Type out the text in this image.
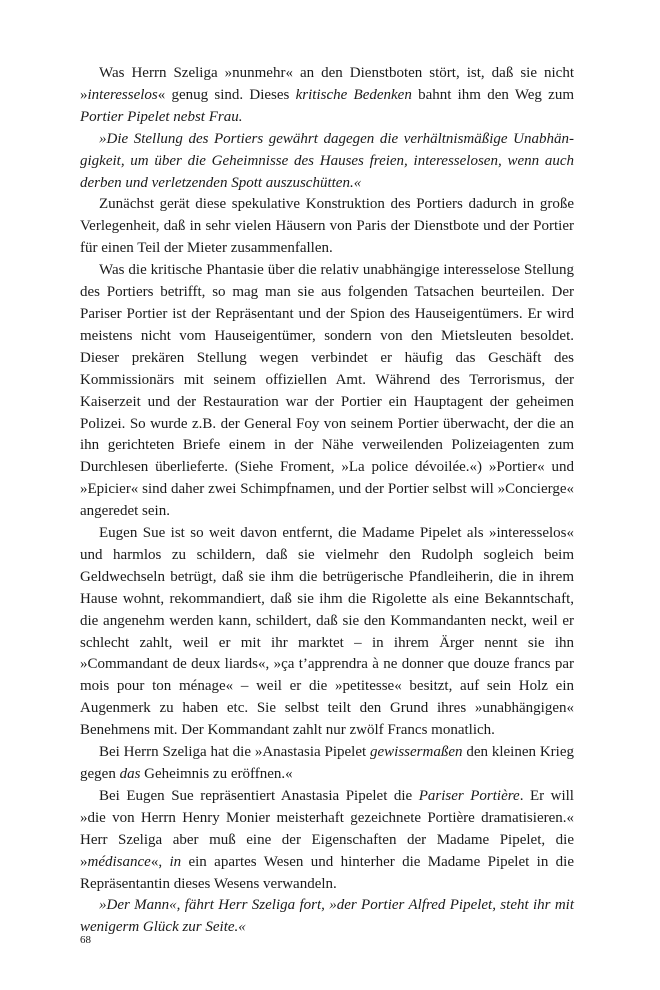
Was Herrn Szeliga »nunmehr« an den Dienstboten stört, ist, daß sie nicht »interesselos« genug sind. Dieses kritische Bedenken bahnt ihm den Weg zum Portier Pipelet nebst Frau.

»Die Stellung des Portiers gewährt dagegen die verhältnismäßige Unabhängigkeit, um über die Geheimnisse des Hauses freien, interesselosen, wenn auch derben und verletzenden Spott auszuschütten.«

Zunächst gerät diese spekulative Konstruktion des Portiers dadurch in große Verlegenheit, daß in sehr vielen Häusern von Paris der Dienstbote und der Portier für einen Teil der Mieter zusammenfallen.

Was die kritische Phantasie über die relativ unabhängige interesselose Stellung des Portiers betrifft, so mag man sie aus folgenden Tatsachen beurteilen. Der Pariser Portier ist der Repräsentant und der Spion des Hauseigentümers. Er wird meistens nicht vom Hauseigentümer, sondern von den Mietsleuten besoldet. Dieser prekären Stellung wegen verbindet er häufig das Geschäft des Kommissionärs mit seinem offiziellen Amt. Während des Terrorismus, der Kaiserzeit und der Restauration war der Portier ein Hauptagent der geheimen Polizei. So wurde z.B. der General Foy von seinem Portier überwacht, der die an ihn gerichteten Briefe einem in der Nähe verweilenden Polizeiagenten zum Durchlesen überlieferte. (Siehe Froment, »La police dévoilée.«) »Portier« und »Epicier« sind daher zwei Schimpfnamen, und der Portier selbst will »Concierge« angeredet sein.

Eugen Sue ist so weit davon entfernt, die Madame Pipelet als »interesselos« und harmlos zu schildern, daß sie vielmehr den Rudolph sogleich beim Geldwechseln betrügt, daß sie ihm die betrügerische Pfandleiherin, die in ihrem Hause wohnt, rekommandiert, daß sie ihm die Rigolette als eine Bekanntschaft, die angenehm werden kann, schildert, daß sie den Kommandanten neckt, weil er schlecht zahlt, weil er mit ihr marktet – in ihrem Ärger nennt sie ihn »Commandant de deux liards«, »ça t’apprendra à ne donner que douze francs par mois pour ton ménage« – weil er die »petitesse« besitzt, auf sein Holz ein Augenmerk zu haben etc. Sie selbst teilt den Grund ihres »unabhängigen« Benehmens mit. Der Kommandant zahlt nur zwölf Francs monatlich.

Bei Herrn Szeliga hat die »Anastasia Pipelet gewissermaßen den kleinen Krieg gegen das Geheimnis zu eröffnen.«

Bei Eugen Sue repräsentiert Anastasia Pipelet die Pariser Portière. Er will »die von Herrn Henry Monier meisterhaft gezeichnete Portière dramatisieren.« Herr Szeliga aber muß eine der Eigenschaften der Madame Pipelet, die »médisance«, in ein apartes Wesen und hinterher die Madame Pipelet in die Repräsentantin dieses Wesens verwandeln.

»Der Mann«, fährt Herr Szeliga fort, »der Portier Alfred Pipelet, steht ihr mit wenigerm Glück zur Seite.«

68
